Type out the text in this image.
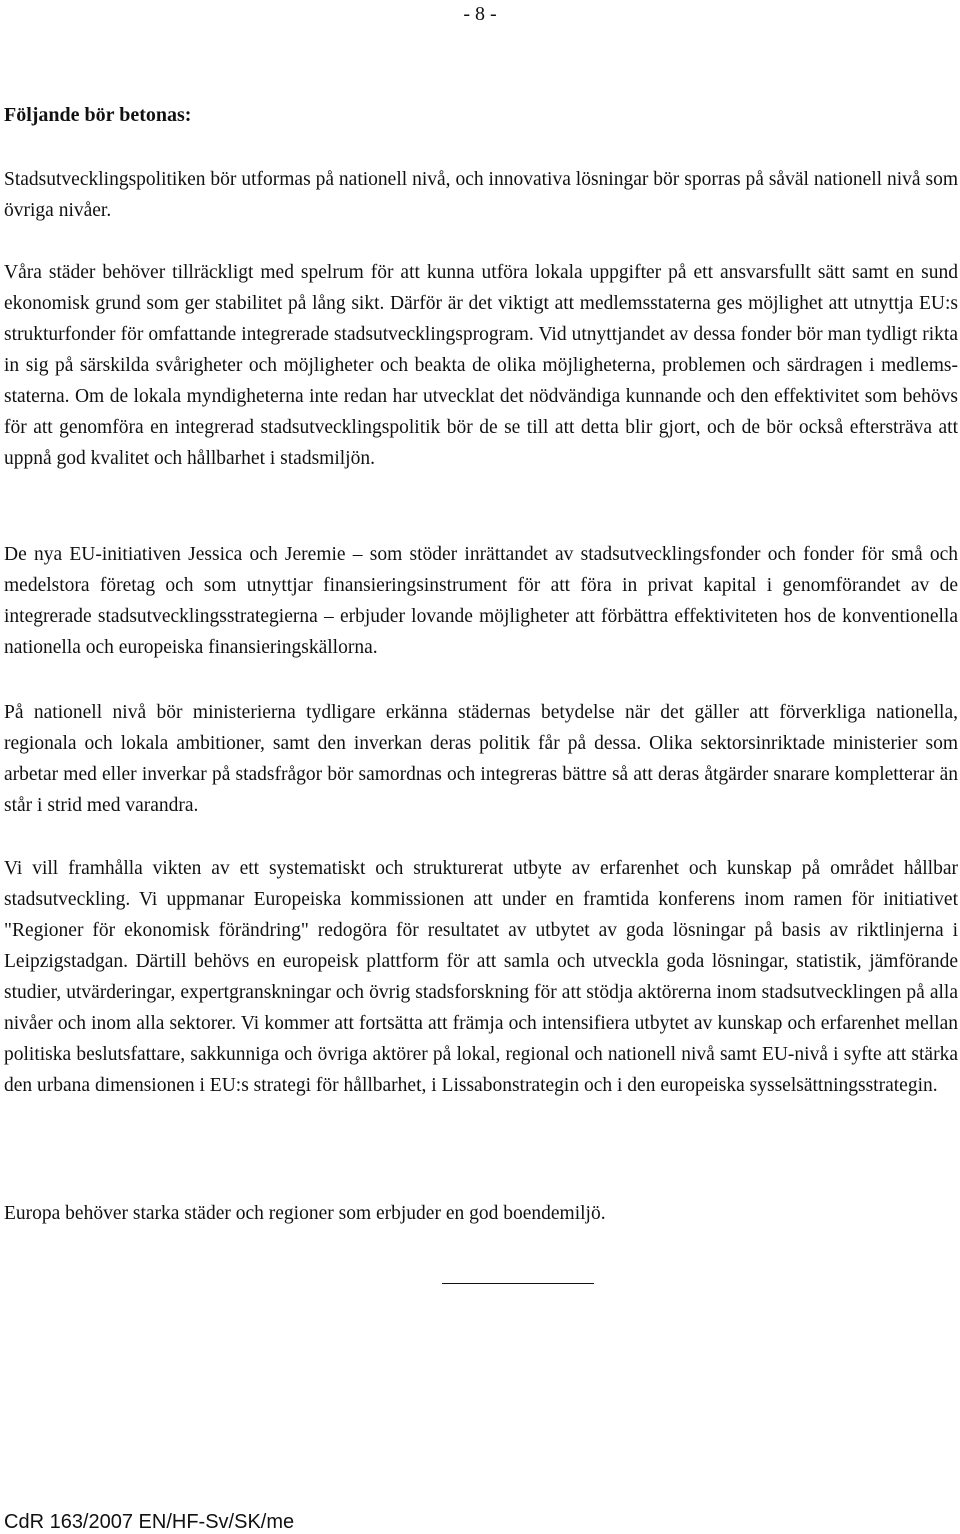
- 8 -
Följande bör betonas:

Stadsutvecklingspolitiken bör utformas på nationell nivå, och innovativa lösningar bör sporras på såväl nationell nivå som övriga nivåer.

Våra städer behöver tillräckligt med spelrum för att kunna utföra lokala uppgifter på ett ansvarsfullt sätt samt en sund ekonomisk grund som ger stabilitet på lång sikt. Därför är det viktigt att medlemsstaterna ges möjlighet att utnyttja EU:s strukturfonder för omfattande integrerade stadsutvecklingsprogram. Vid utnyttjandet av dessa fonder bör man tydligt rikta in sig på särskilda svårigheter och möjligheter och beakta de olika möjligheterna, problemen och särdragen i medlemsstaterna. Om de lokala myndigheterna inte redan har utvecklat det nödvändiga kunnande och den effektivitet som behövs för att genomföra en integrerad stadsutvecklingspolitik bör de se till att detta blir gjort, och de bör också eftersträva att uppnå god kvalitet och hållbarhet i stadsmiljön.

De nya EU-initiativen Jessica och Jeremie – som stöder inrättandet av stadsutvecklingsfonder och fonder för små och medelstora företag och som utnyttjar finansieringsinstrument för att föra in privat kapital i genomförandet av de integrerade stadsutvecklingsstrategierna – erbjuder lovande möjligheter att förbättra effektiviteten hos de konventionella nationella och europeiska finansieringskällorna.

På nationell nivå bör ministerierna tydligare erkänna städernas betydelse när det gäller att förverkliga nationella, regionala och lokala ambitioner, samt den inverkan deras politik får på dessa. Olika sektorsinriktade ministerier som arbetar med eller inverkar på stadsfrågor bör samordnas och integreras bättre så att deras åtgärder snarare kompletterar än står i strid med varandra.

Vi vill framhålla vikten av ett systematiskt och strukturerat utbyte av erfarenhet och kunskap på området hållbar stadsutveckling. Vi uppmanar Europeiska kommissionen att under en framtida konferens inom ramen för initiativet "Regioner för ekonomisk förändring" redogöra för resultatet av utbytet av goda lösningar på basis av riktlinjerna i Leipzigstadgan. Därtill behövs en europeisk plattform för att samla och utveckla goda lösningar, statistik, jämförande studier, utvärderingar, expertgranskningar och övrig stadsforskning för att stödja aktörerna inom stadsutvecklingen på alla nivåer och inom alla sektorer. Vi kommer att fortsätta att främja och intensifiera utbytet av kunskap och erfarenhet mellan politiska beslutsfattare, sakkunniga och övriga aktörer på lokal, regional och nationell nivå samt EU-nivå i syfte att stärka den urbana dimensionen i EU:s strategi för hållbarhet, i Lissabonstrategin och i den europeiska sysselsättningsstrategin.

Europa behöver starka städer och regioner som erbjuder en god boendemiljö.

CdR 163/2007 EN/HF-Sv/SK/me
